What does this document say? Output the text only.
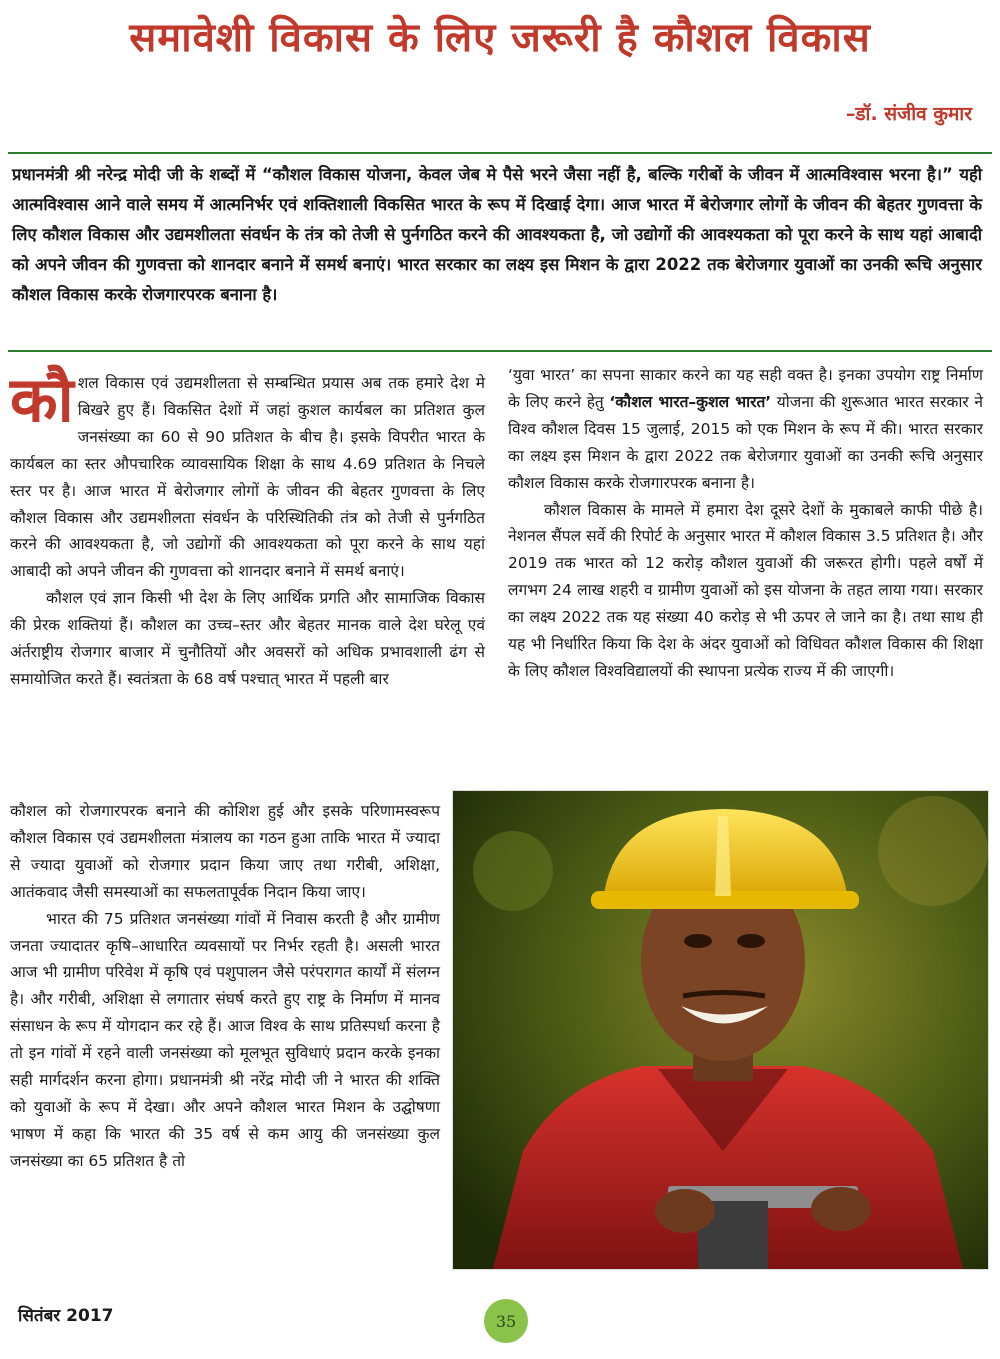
समावेशी विकास के लिए जरूरी है कौशल विकास
–डॉ. संजीव कुमार
प्रधानमंत्री श्री नरेन्द्र मोदी जी के शब्दों में “कौशल विकास योजना, केवल जेब मे पैसे भरने जैसा नहीं है, बल्कि गरीबों के जीवन में आत्मविश्वास भरना है।” यही आत्मविश्वास आने वाले समय में आत्मनिर्भर एवं शक्तिशाली विकसित भारत के रूप में दिखाई देगा। आज भारत में बेरोजगार लोगों के जीवन की बेहतर गुणवत्ता के लिए कौशल विकास और उद्यमशीलता संवर्धन के तंत्र को तेजी से पुर्नगठित करने की आवश्यकता है, जो उद्योगों की आवश्यकता को पूरा करने के साथ यहां आबादी को अपने जीवन की गुणवत्ता को शानदार बनाने में समर्थ बनाएं। भारत सरकार का लक्ष्य इस मिशन के द्वारा 2022 तक बेरोजगार युवाओं का उनकी रूचि अनुसार कौशल विकास करके रोजगारपरक बनाना है।

कौशल विकास एवं उद्यमशीलता से सम्बन्धित प्रयास अब तक हमारे देश मे बिखरे हुए हैं। विकसित देशों में जहां कुशल कार्यबल का प्रतिशत कुल जनसंख्या का 60 से 90 प्रतिशत के बीच है। इसके विपरीत भारत के कार्यबल का स्तर औपचारिक व्यावसायिक शिक्षा के साथ 4.69 प्रतिशत के निचले स्तर पर है। आज भारत में बेरोजगार लोगों के जीवन की बेहतर गुणवत्ता के लिए कौशल विकास और उद्यमशीलता संवर्धन के परिस्थितिकी तंत्र को तेजी से पुर्नगठित करने की आवश्यकता है, जो उद्योगों की आवश्यकता को पूरा करने के साथ यहां आबादी को अपने जीवन की गुणवत्ता को शानदार बनाने में समर्थ बनाएं।

कौशल एवं ज्ञान किसी भी देश के लिए आर्थिक प्रगति और सामाजिक विकास की प्रेरक शक्तियां हैं। कौशल का उच्च–स्तर और बेहतर मानक वाले देश घरेलू एवं अंर्तराष्ट्रीय रोजगार बाजार में चुनौतियों और अवसरों को अधिक प्रभावशाली ढंग से समायोजित करते हैं। स्वतंत्रता के 68 वर्ष पश्चात् भारत में पहली बार

कौशल को रोजगारपरक बनाने की कोशिश हुई और इसके परिणामस्वरूप कौशल विकास एवं उद्यमशीलता मंत्रालय का गठन हुआ ताकि भारत में ज्यादा से ज्यादा युवाओं को रोजगार प्रदान किया जाए तथा गरीबी, अशिक्षा, आतंकवाद जैसी समस्याओं का सफलतापूर्वक निदान किया जाए।

भारत की 75 प्रतिशत जनसंख्या गांवों में निवास करती है और ग्रामीण जनता ज्यादातर कृषि–आधारित व्यवसायों पर निर्भर रहती है। असली भारत आज भी ग्रामीण परिवेश में कृषि एवं पशुपालन जैसे परंपरागत कार्यों में संलग्न है। और गरीबी, अशिक्षा से लगातार संघर्ष करते हुए राष्ट्र के निर्माण में मानव संसाधन के रूप में योगदान कर रहे हैं। आज विश्व के साथ प्रतिस्पर्धा करना है तो इन गांवों में रहने वाली जनसंख्या को मूलभूत सुविधाएं प्रदान करके इनका सही मार्गदर्शन करना होगा। प्रधानमंत्री श्री नरेंद्र मोदी जी ने भारत की शक्ति को युवाओं के रूप में देखा। और अपने कौशल भारत मिशन के उद्घोषणा भाषण में कहा कि भारत की 35 वर्ष से कम आयु की जनसंख्या कुल जनसंख्या का 65 प्रतिशत है तो

‘युवा भारत’ का सपना साकार करने का यह सही वक्त है। इनका उपयोग राष्ट्र निर्माण के लिए करने हेतु ‘कौशल भारत–कुशल भारत’ योजना की शुरूआत भारत सरकार ने विश्व कौशल दिवस 15 जुलाई, 2015 को एक मिशन के रूप में की। भारत सरकार का लक्ष्य इस मिशन के द्वारा 2022 तक बेरोजगार युवाओं का उनकी रूचि अनुसार कौशल विकास करके रोजगारपरक बनाना है।

कौशल विकास के मामले में हमारा देश दूसरे देशों के मुकाबले काफी पीछे है। नेशनल सैंपल सर्वे की रिपोर्ट के अनुसार भारत में कौशल विकास 3.5 प्रतिशत है। और 2019 तक भारत को 12 करोड़ कौशल युवाओं की जरूरत होगी। पहले वर्षों में लगभग 24 लाख शहरी व ग्रामीण युवाओं को इस योजना के तहत लाया गया। सरकार का लक्ष्य 2022 तक यह संख्या 40 करोड़ से भी ऊपर ले जाने का है। तथा साथ ही यह भी निर्धारित किया कि देश के अंदर युवाओं को विधिवत कौशल विकास की शिक्षा के लिए कौशल विश्वविद्यालयों की स्थापना प्रत्येक राज्य में की जाएगी।

सितंबर 2017	35
